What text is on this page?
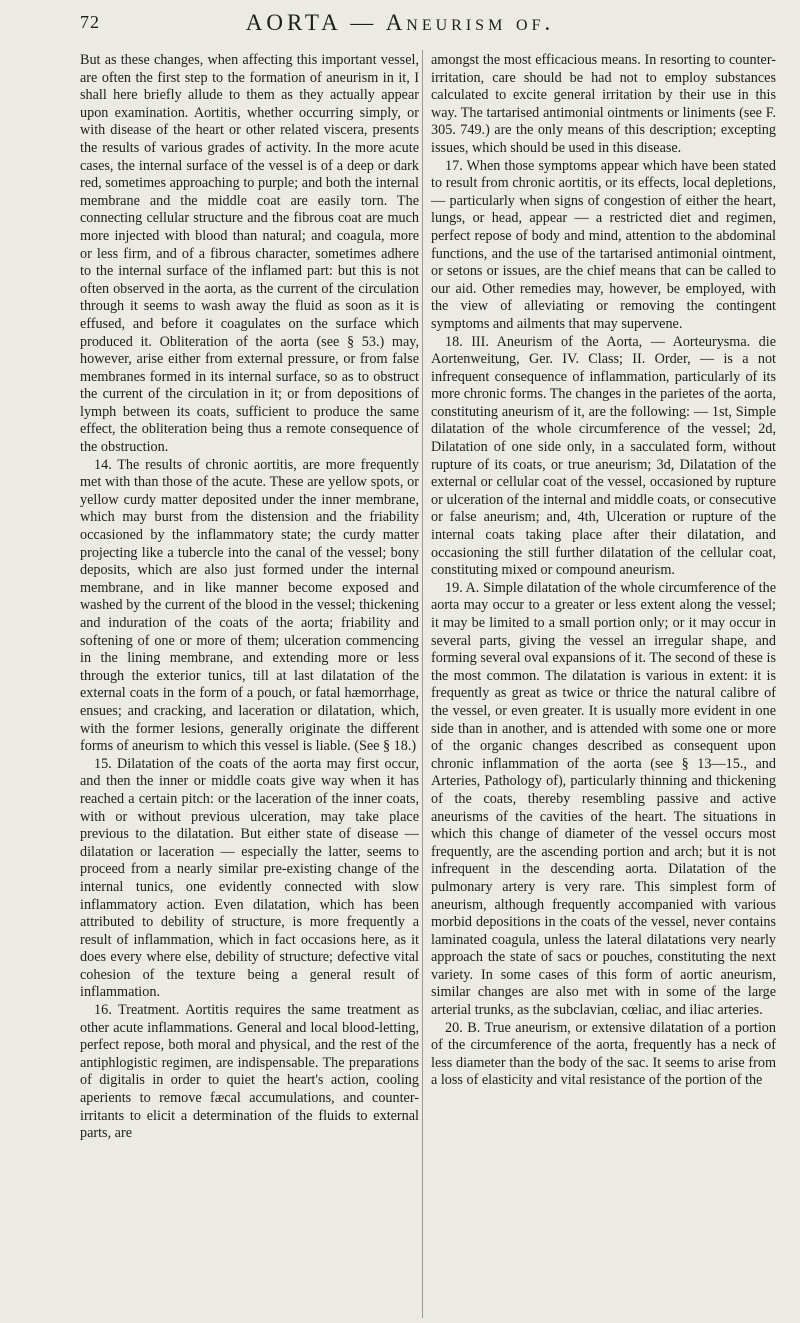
72	AORTA — Aneurism of.

But as these changes, when affecting this important vessel, are often the first step to the formation of aneurism in it, I shall here briefly allude to them as they actually appear upon examination. Aortitis, whether occurring simply, or with disease of the heart or other related viscera, presents the results of various grades of activity. In the more acute cases, the internal surface of the vessel is of a deep or dark red, sometimes approaching to purple; and both the internal membrane and the middle coat are easily torn. The connecting cellular structure and the fibrous coat are much more injected with blood than natural; and coagula, more or less firm, and of a fibrous character, sometimes adhere to the internal surface of the inflamed part: but this is not often observed in the aorta, as the current of the circulation through it seems to wash away the fluid as soon as it is effused, and before it coagulates on the surface which produced it. Obliteration of the aorta (see § 53.) may, however, arise either from external pressure, or from false membranes formed in its internal surface, so as to obstruct the current of the circulation in it; or from depositions of lymph between its coats, sufficient to produce the same effect, the obliteration being thus a remote consequence of the obstruction.

14. The results of chronic aortitis, are more frequently met with than those of the acute. These are yellow spots, or yellow curdy matter deposited under the inner membrane, which may burst from the distension and the friability occasioned by the inflammatory state; the curdy matter projecting like a tubercle into the canal of the vessel; bony deposits, which are also just formed under the internal membrane, and in like manner become exposed and washed by the current of the blood in the vessel; thickening and induration of the coats of the aorta; friability and softening of one or more of them; ulceration commencing in the lining membrane, and extending more or less through the exterior tunics, till at last dilatation of the external coats in the form of a pouch, or fatal hæmorrhage, ensues; and cracking, and laceration or dilatation, which, with the former lesions, generally originate the different forms of aneurism to which this vessel is liable. (See § 18.)

15. Dilatation of the coats of the aorta may first occur, and then the inner or middle coats give way when it has reached a certain pitch: or the laceration of the inner coats, with or without previous ulceration, may take place previous to the dilatation. But either state of disease — dilatation or laceration — especially the latter, seems to proceed from a nearly similar pre-existing change of the internal tunics, one evidently connected with slow inflammatory action. Even dilatation, which has been attributed to debility of structure, is more frequently a result of inflammation, which in fact occasions here, as it does every where else, debility of structure; defective vital cohesion of the texture being a general result of inflammation.

16. Treatment. Aortitis requires the same treatment as other acute inflammations. General and local blood-letting, perfect repose, both moral and physical, and the rest of the antiphlogistic regimen, are indispensable. The preparations of digitalis in order to quiet the heart's action, cooling aperients to remove fæcal accumulations, and counter-irritants to elicit a determination of the fluids to external parts, are

amongst the most efficacious means. In resorting to counter-irritation, care should be had not to employ substances calculated to excite general irritation by their use in this way. The tartarised antimonial ointments or liniments (see F. 305. 749.) are the only means of this description; excepting issues, which should be used in this disease.

17. When those symptoms appear which have been stated to result from chronic aortitis, or its effects, local depletions, — particularly when signs of congestion of either the heart, lungs, or head, appear — a restricted diet and regimen, perfect repose of body and mind, attention to the abdominal functions, and the use of the tartarised antimonial ointment, or setons or issues, are the chief means that can be called to our aid. Other remedies may, however, be employed, with the view of alleviating or removing the contingent symptoms and ailments that may supervene.

18. III. Aneurism of the Aorta, — Aorteurysma. die Aortenweitung, Ger. IV. Class; II. Order, — is a not infrequent consequence of inflammation, particularly of its more chronic forms. The changes in the parietes of the aorta, constituting aneurism of it, are the following: — 1st, Simple dilatation of the whole circumference of the vessel; 2d, Dilatation of one side only, in a sacculated form, without rupture of its coats, or true aneurism; 3d, Dilatation of the external or cellular coat of the vessel, occasioned by rupture or ulceration of the internal and middle coats, or consecutive or false aneurism; and, 4th, Ulceration or rupture of the internal coats taking place after their dilatation, and occasioning the still further dilatation of the cellular coat, constituting mixed or compound aneurism.

19. A. Simple dilatation of the whole circumference of the aorta may occur to a greater or less extent along the vessel; it may be limited to a small portion only; or it may occur in several parts, giving the vessel an irregular shape, and forming several oval expansions of it. The second of these is the most common. The dilatation is various in extent: it is frequently as great as twice or thrice the natural calibre of the vessel, or even greater. It is usually more evident in one side than in another, and is attended with some one or more of the organic changes described as consequent upon chronic inflammation of the aorta (see § 13—15., and Arteries, Pathology of), particularly thinning and thickening of the coats, thereby resembling passive and active aneurisms of the cavities of the heart. The situations in which this change of diameter of the vessel occurs most frequently, are the ascending portion and arch; but it is not infrequent in the descending aorta. Dilatation of the pulmonary artery is very rare. This simplest form of aneurism, although frequently accompanied with various morbid depositions in the coats of the vessel, never contains laminated coagula, unless the lateral dilatations very nearly approach the state of sacs or pouches, constituting the next variety. In some cases of this form of aortic aneurism, similar changes are also met with in some of the large arterial trunks, as the subclavian, cœliac, and iliac arteries.

20. B. True aneurism, or extensive dilatation of a portion of the circumference of the aorta, frequently has a neck of less diameter than the body of the sac. It seems to arise from a loss of elasticity and vital resistance of the portion of the
